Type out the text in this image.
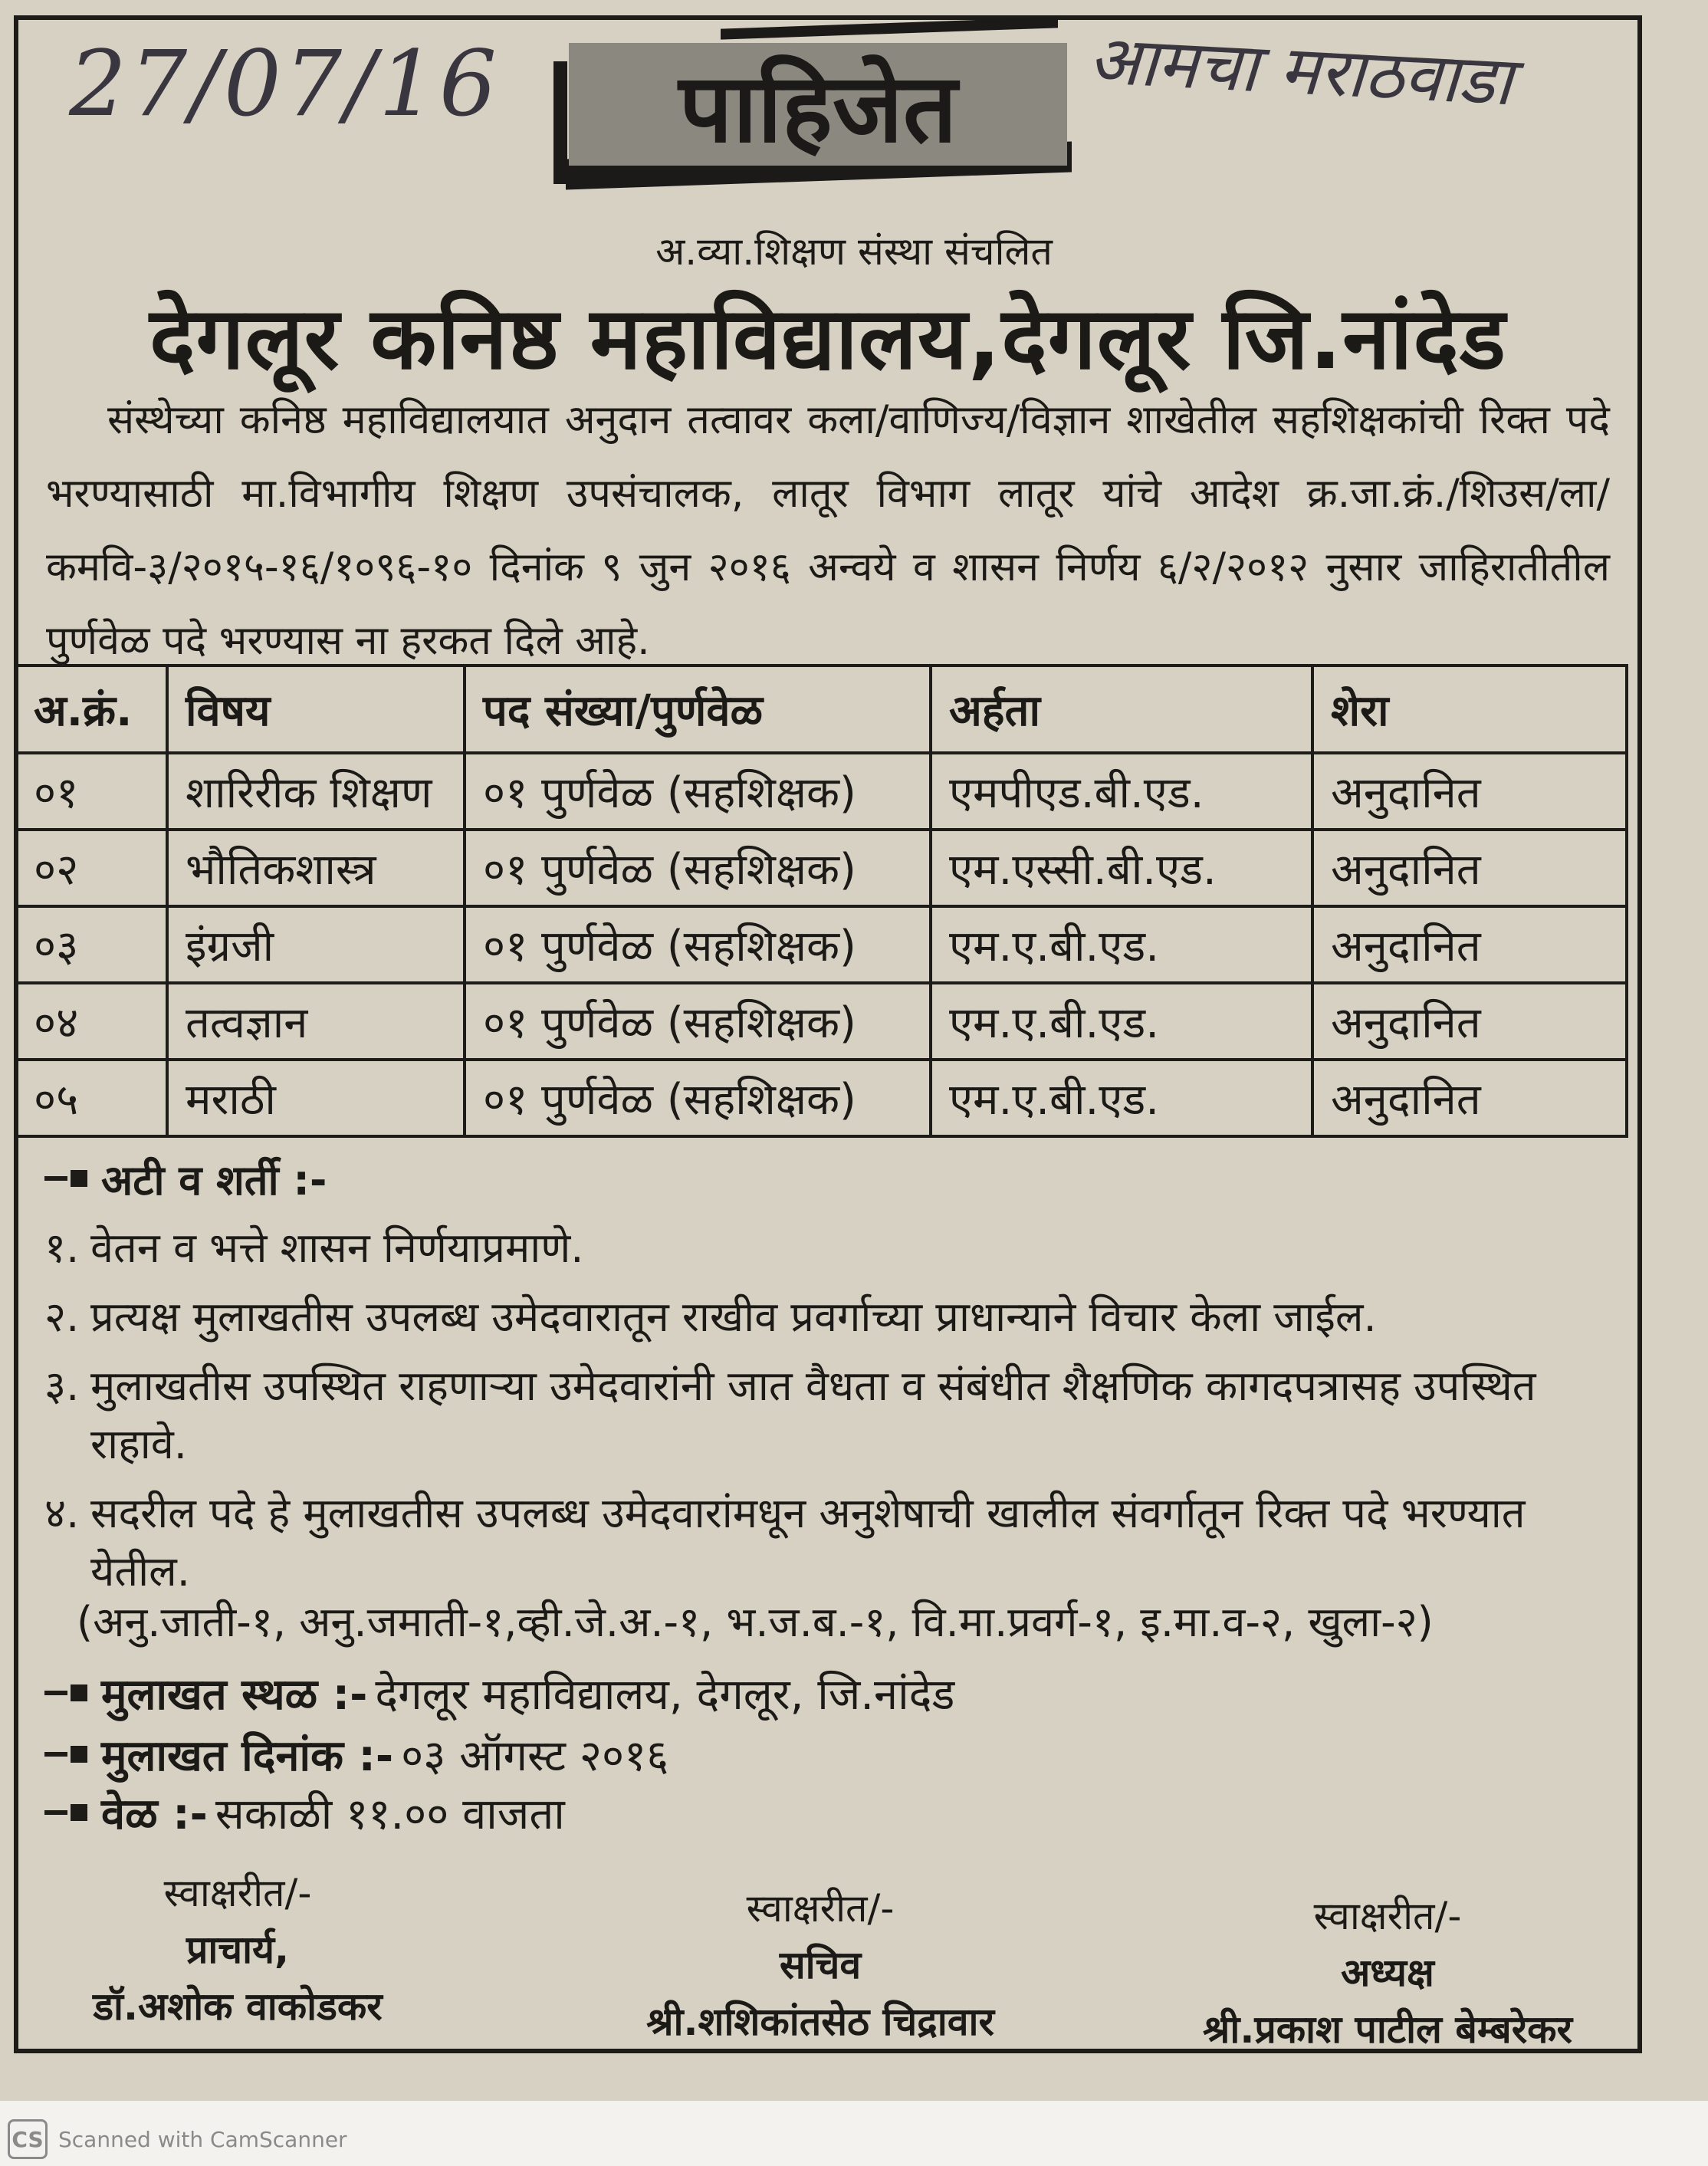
27/07/16	आमचा मराठवाडा
पाहिजेत
अ.व्या.शिक्षण संस्था संचलित
देगलूर कनिष्ठ महाविद्यालय,देगलूर जि.नांदेड
संस्थेच्या कनिष्ठ महाविद्यालयात अनुदान तत्वावर कला/वाणिज्य/विज्ञान शाखेतील सहशिक्षकांची रिक्त पदे भरण्यासाठी मा.विभागीय शिक्षण उपसंचालक, लातूर विभाग लातूर यांचे आदेश क्र.जा.क्रं./शिउस/ला/कमवि-३/२०१५-१६/१०९६-१० दिनांक ९ जुन २०१६ अन्वये व शासन निर्णय ६/२/२०१२ नुसार जाहिरातीतील पुर्णवेळ पदे भरण्यास ना हरकत दिले आहे.
अ.क्रं.	विषय	पद संख्या/पुर्णवेळ	अर्हता	शेरा
०१	शारिरीक शिक्षण	०१ पुर्णवेळ (सहशिक्षक)	एमपीएड.बी.एड.	अनुदानित
०२	भौतिकशास्त्र	०१ पुर्णवेळ (सहशिक्षक)	एम.एस्सी.बी.एड.	अनुदानित
०३	इंग्रजी	०१ पुर्णवेळ (सहशिक्षक)	एम.ए.बी.एड.	अनुदानित
०४	तत्वज्ञान	०१ पुर्णवेळ (सहशिक्षक)	एम.ए.बी.एड.	अनुदानित
०५	मराठी	०१ पुर्णवेळ (सहशिक्षक)	एम.ए.बी.एड.	अनुदानित
अटी व शर्ती :-
१. वेतन व भत्ते शासन निर्णयाप्रमाणे.
२. प्रत्यक्ष मुलाखतीस उपलब्ध उमेदवारातून राखीव प्रवर्गाच्या प्राधान्याने विचार केला जाईल.
३. मुलाखतीस उपस्थित राहणाऱ्या उमेदवारांनी जात वैधता व संबंधीत शैक्षणिक कागदपत्रासह उपस्थित राहावे.
४. सदरील पदे हे मुलाखतीस उपलब्ध उमेदवारांमधून अनुशेषाची खालील संवर्गातून रिक्त पदे भरण्यात येतील.
(अनु.जाती-१, अनु.जमाती-१,व्ही.जे.अ.-१, भ.ज.ब.-१, वि.मा.प्रवर्ग-१, इ.मा.व-२, खुला-२)
मुलाखत स्थळ :- देगलूर महाविद्यालय, देगलूर, जि.नांदेड
मुलाखत दिनांक :- ०३ ऑगस्ट २०१६
वेळ :- सकाळी ११.०० वाजता
स्वाक्षरीत/-
प्राचार्य,
डॉ.अशोक वाकोडकर
स्वाक्षरीत/-
सचिव
श्री.शशिकांतसेठ चिद्रावार
स्वाक्षरीत/-
अध्यक्ष
श्री.प्रकाश पाटील बेम्बरेकर
CS Scanned with CamScanner
